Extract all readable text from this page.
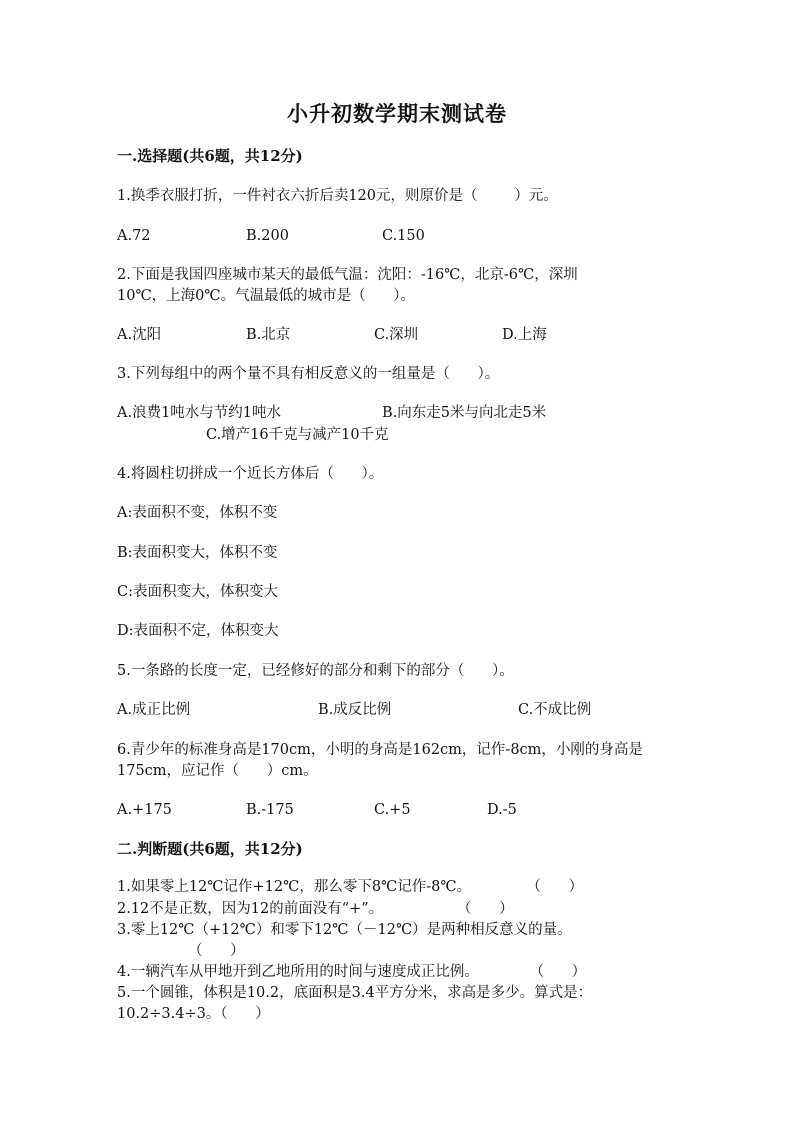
小升初数学期末测试卷
一.选择题(共6题，共12分)
1.换季衣服打折，一件衬衣六折后卖120元，则原价是（        ）元。
A.72	B.200	C.150
2.下面是我国四座城市某天的最低气温：沈阳：-16℃，北京-6℃，深圳
10℃，上海0℃。气温最低的城市是（      ）。
A.沈阳	B.北京	C.深圳	D.上海
3.下列每组中的两个量不具有相反意义的一组量是（      ）。
A.浪费1吨水与节约1吨水	B.向东走5米与向北走5米
C.增产16千克与减产10千克
4.将圆柱切拼成一个近长方体后（      ）。
A:表面积不变，体积不变
B:表面积变大，体积不变
C:表面积变大，体积变大
D:表面积不定，体积变大
5.一条路的长度一定，已经修好的部分和剩下的部分（      ）。
A.成正比例	B.成反比例	C.不成比例
6.青少年的标准身高是170cm，小明的身高是162cm，记作-8cm，小刚的身高是
175cm，应记作（      ）cm。
A.+175	B.-175	C.+5	D.-5
二.判断题(共6题，共12分)
1.如果零上12℃记作+12℃，那么零下8℃记作-8℃。            （      ）
2.12不是正数，因为12的前面没有“+”。                （      ）
3.零上12℃（+12℃）和零下12℃（－12℃）是两种相反意义的量。
（      ）
4.一辆汽车从甲地开到乙地所用的时间与速度成正比例。           （      ）
5.一个圆锥，体积是10.2，底面积是3.4平方分米，求高是多少。算式是：
10.2÷3.4÷3。（      ）
